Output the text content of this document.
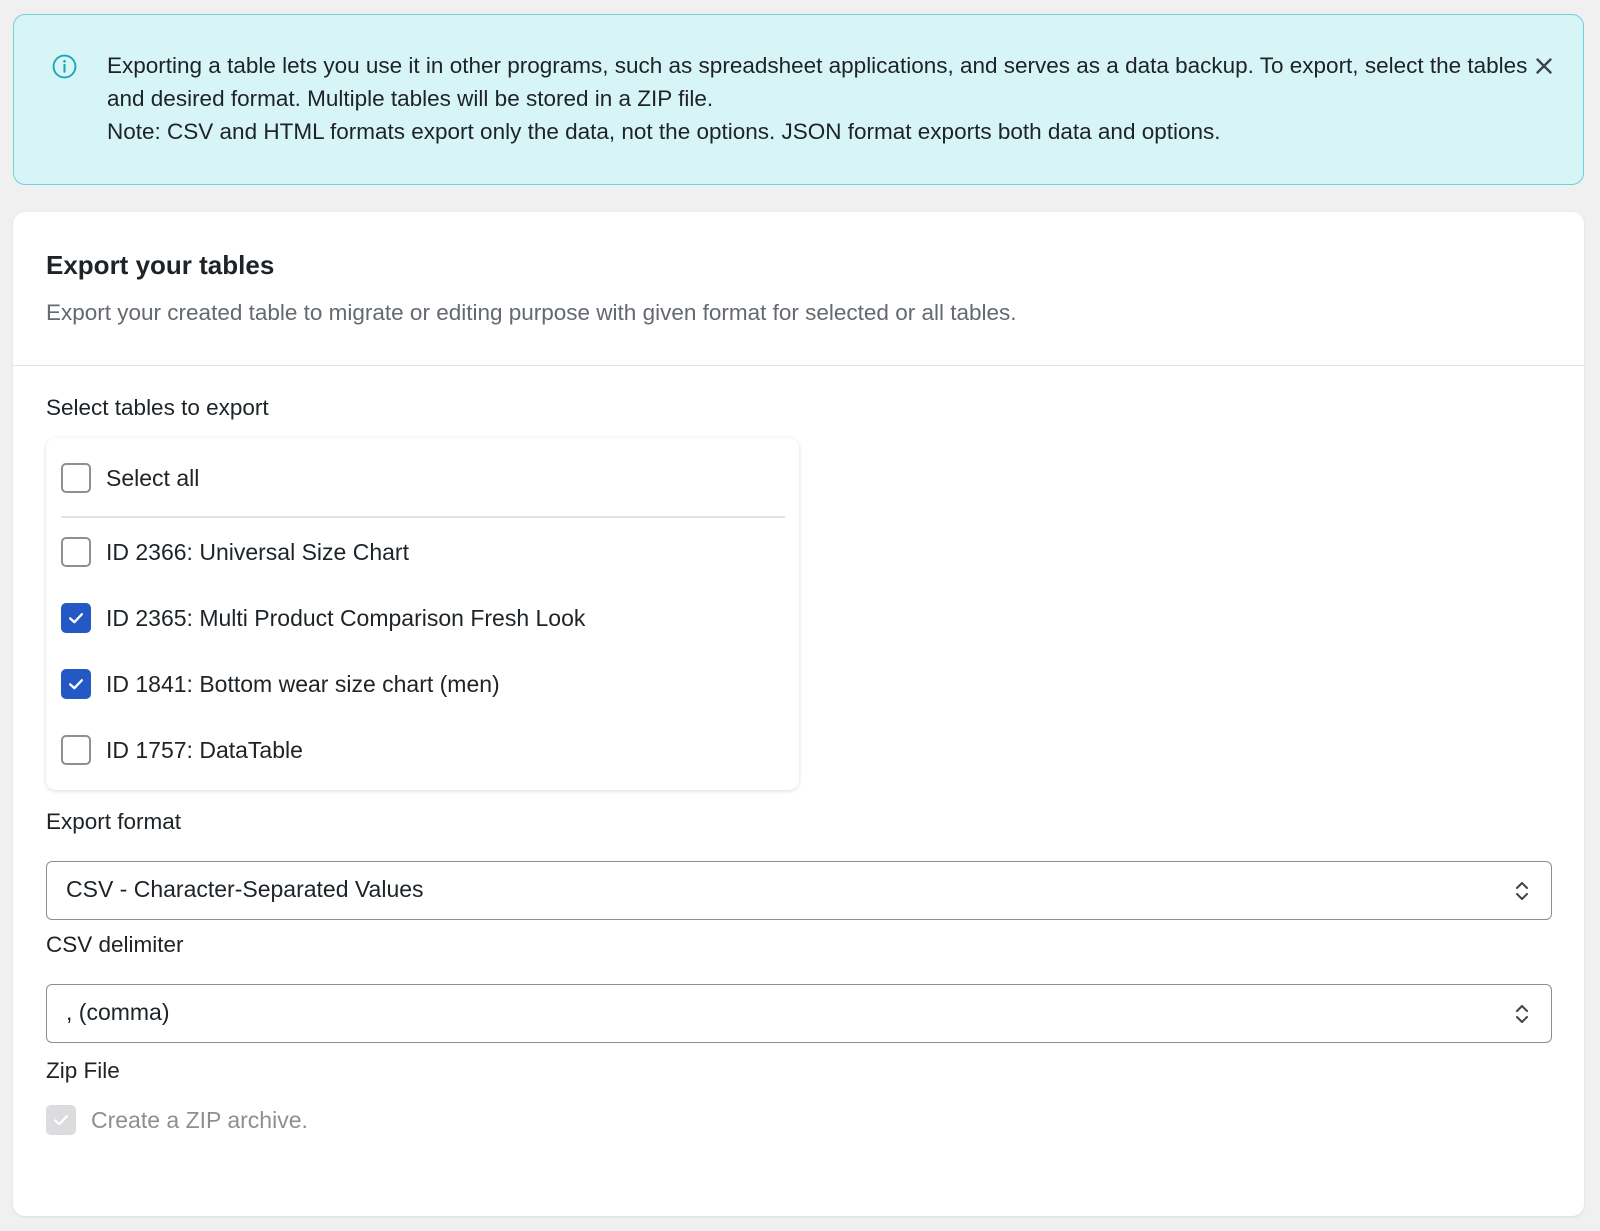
Exporting a table lets you use it in other programs, such as spreadsheet applications, and serves as a data backup. To export, select the tables and desired format. Multiple tables will be stored in a ZIP file.

Note: CSV and HTML formats export only the data, not the options. JSON format exports both data and options.

Export your tables

Export your created table to migrate or editing purpose with given format for selected or all tables.

Select tables to export
Select all
ID 2366: Universal Size Chart
ID 2365: Multi Product Comparison Fresh Look
ID 1841: Bottom wear size chart (men)
ID 1757: DataTable
Export format
CSV - Character-Separated Values
CSV delimiter
, (comma)
Zip File
Create a ZIP archive.
